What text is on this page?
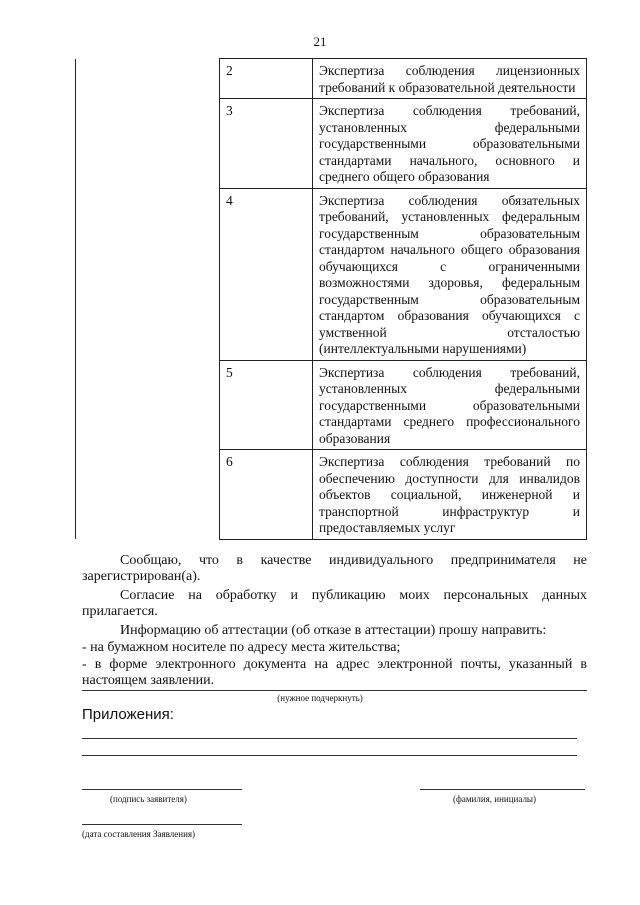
21
	2	Экспертиза соблюдения лицензионных требований к образовательной деятельности
	3	Экспертиза соблюдения требований, установленных федеральными государственными образовательными стандартами начального, основного и среднего общего образования
	4	Экспертиза соблюдения обязательных требований, установленных федеральным государственным образовательным стандартом начального общего образования обучающихся с ограниченными возможностями здоровья, федеральным государственным образовательным стандартом образования обучающихся с умственной отсталостью (интеллектуальными нарушениями)
	5	Экспертиза соблюдения требований, установленных федеральными государственными образовательными стандартами среднего профессионального образования
	6	Экспертиза соблюдения требований по обеспечению доступности для инвалидов объектов социальной, инженерной и транспортной инфраструктур и предоставляемых услуг
Сообщаю, что в качестве индивидуального предпринимателя не зарегистрирован(а).
Согласие на обработку и публикацию моих персональных данных прилагается.
Информацию об аттестации (об отказе в аттестации) прошу направить:
- на бумажном носителе по адресу места жительства;
- в форме электронного документа на адрес электронной почты, указанный в настоящем заявлении.
(нужное подчеркнуть)
Приложения:
(подпись заявителя)	(фамилия, инициалы)
(дата составления Заявления)
